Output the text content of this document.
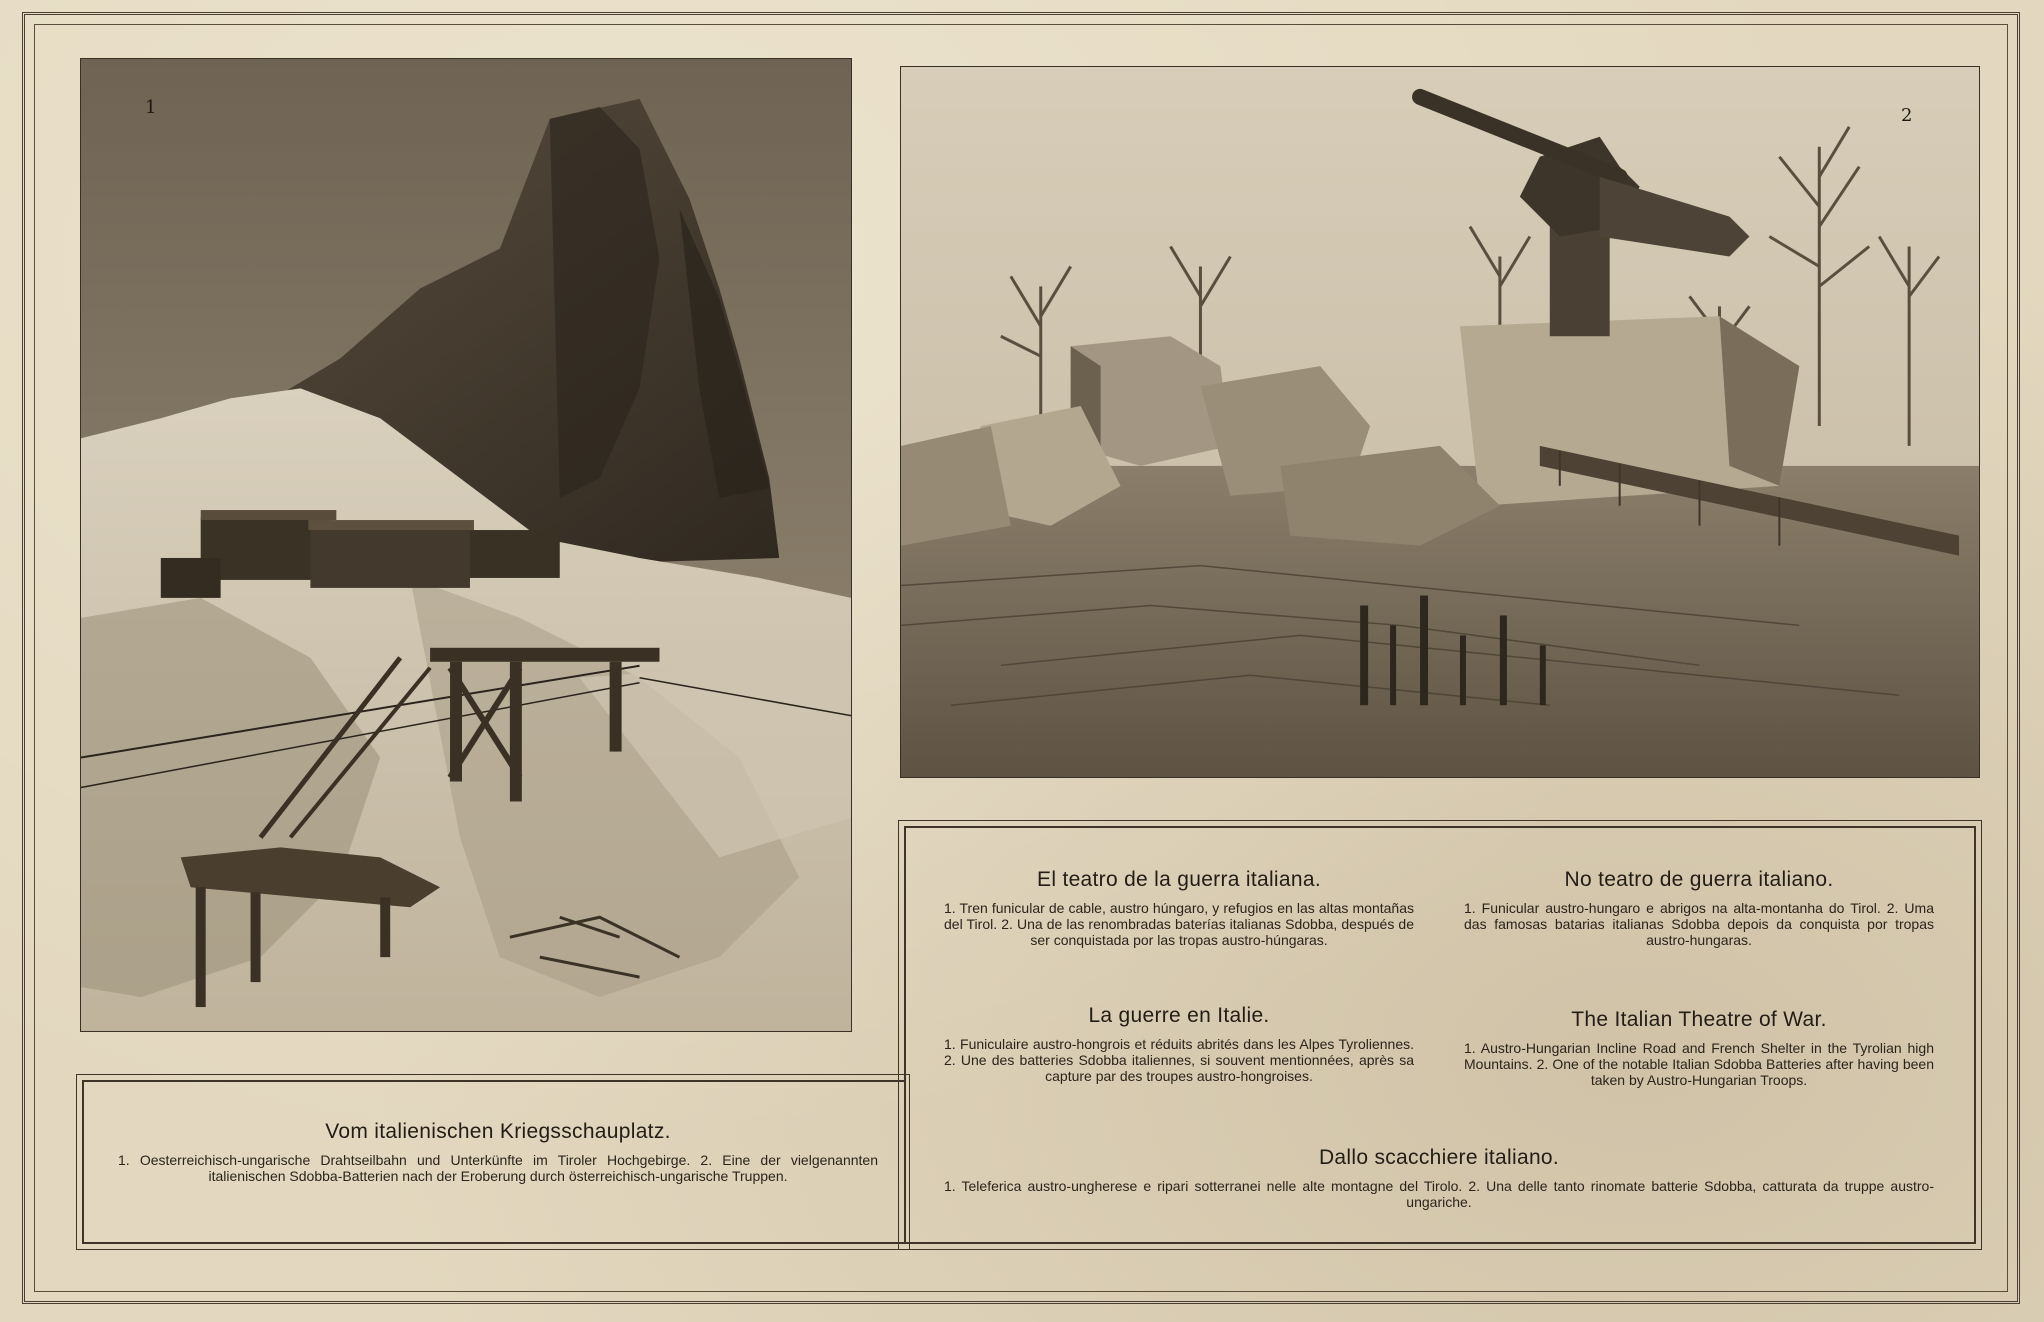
1	2
Vom italienischen Kriegsschauplatz.

1. Oesterreichisch-ungarische Drahtseilbahn und Unterkünfte im Tiroler Hochgebirge. 2. Eine der vielgenannten italienischen Sdobba-Batterien nach der Eroberung durch österreichisch-ungarische Truppen.

El teatro de la guerra italiana.

1. Tren funicular de cable, austro húngaro, y refugios en las altas montañas del Tirol. 2. Una de las renombradas baterías italianas Sdobba, después de ser conquistada por las tropas austro-húngaras.

No teatro de guerra italiano.

1. Funicular austro-hungaro e abrigos na alta-montanha do Tirol. 2. Uma das famosas batarias italianas Sdobba depois da conquista por tropas austro-hungaras.

La guerre en Italie.

1. Funiculaire austro-hongrois et réduits abrités dans les Alpes Tyroliennes. 2. Une des batteries Sdobba italiennes, si souvent mentionnées, après sa capture par des troupes austro-hongroises.

The Italian Theatre of War.

1. Austro-Hungarian Incline Road and French Shelter in the Tyrolian high Mountains. 2. One of the notable Italian Sdobba Batteries after having been taken by Austro-Hungarian Troops.

Dallo scacchiere italiano.

1. Teleferica austro-ungherese e ripari sotterranei nelle alte montagne del Tirolo. 2. Una delle tanto rinomate batterie Sdobba, catturata da truppe austro-ungariche.
